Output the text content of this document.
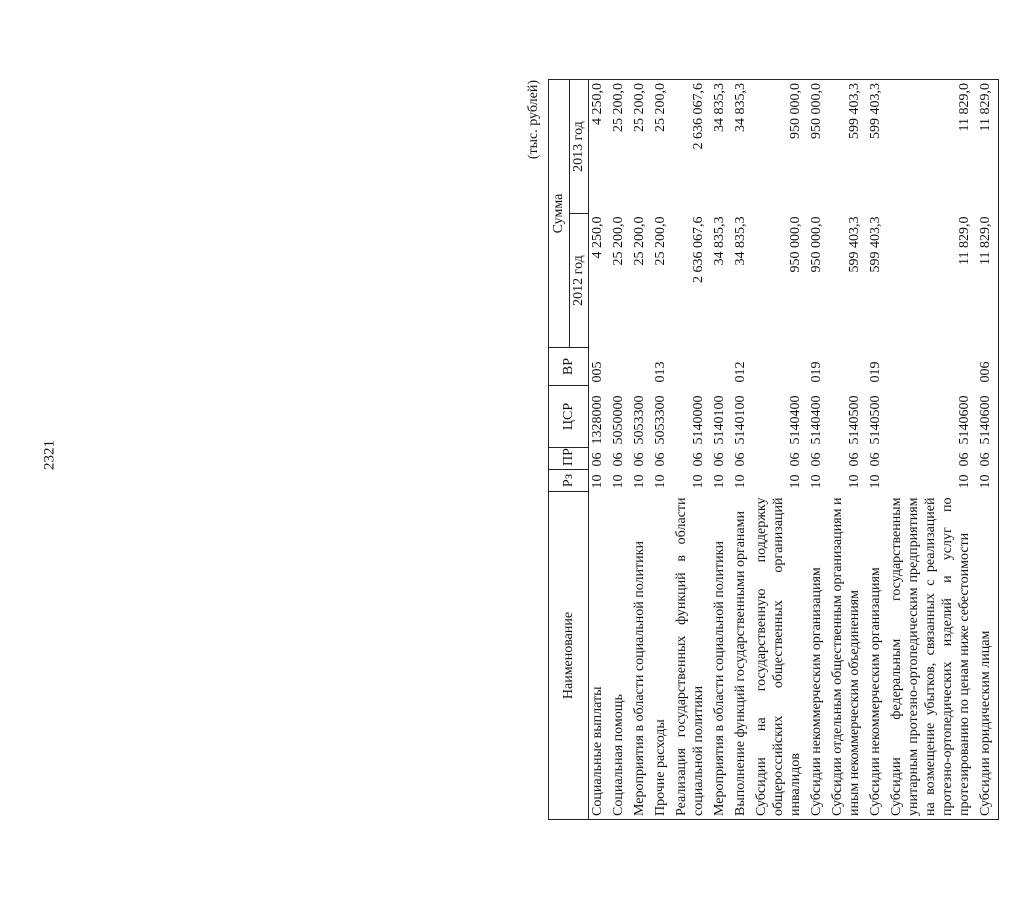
2321
(тыс. рублей)
Наименование	Рз	ПР	ЦСР	ВР	Сумма	
					2012 год	2013 год
Социальные выплаты	10	06	1328000	005	4 250,0	4 250,0
Социальная помощь	10	06	5050000		25 200,0	25 200,0
Мероприятия в области социальной политики	10	06	5053300		25 200,0	25 200,0
Прочие расходы	10	06	5053300	013	25 200,0	25 200,0
Реализация государственных функций в области социальной политики	10	06	5140000		2 636 067,6	2 636 067,6
Мероприятия в области социальной политики	10	06	5140100		34 835,3	34 835,3
Выполнение функций государственными органами	10	06	5140100	012	34 835,3	34 835,3
Субсидии на государственную поддержку общероссийских общественных организаций инвалидов	10	06	5140400		950 000,0	950 000,0
Субсидии некоммерческим организациям	10	06	5140400	019	950 000,0	950 000,0
Субсидии отдельным общественным организациям и иным некоммерческим объединениям	10	06	5140500		599 403,3	599 403,3
Субсидии некоммерческим организациям	10	06	5140500	019	599 403,3	599 403,3
Субсидии федеральным государственным унитарным протезно-ортопедическим предприятиям на возмещение убытков, связанных с реализацией протезно-ортопедических изделий и услуг по протезированию по ценам ниже себестоимости	10	06	5140600		11 829,0	11 829,0
Субсидии юридическим лицам	10	06	5140600	006	11 829,0	11 829,0
